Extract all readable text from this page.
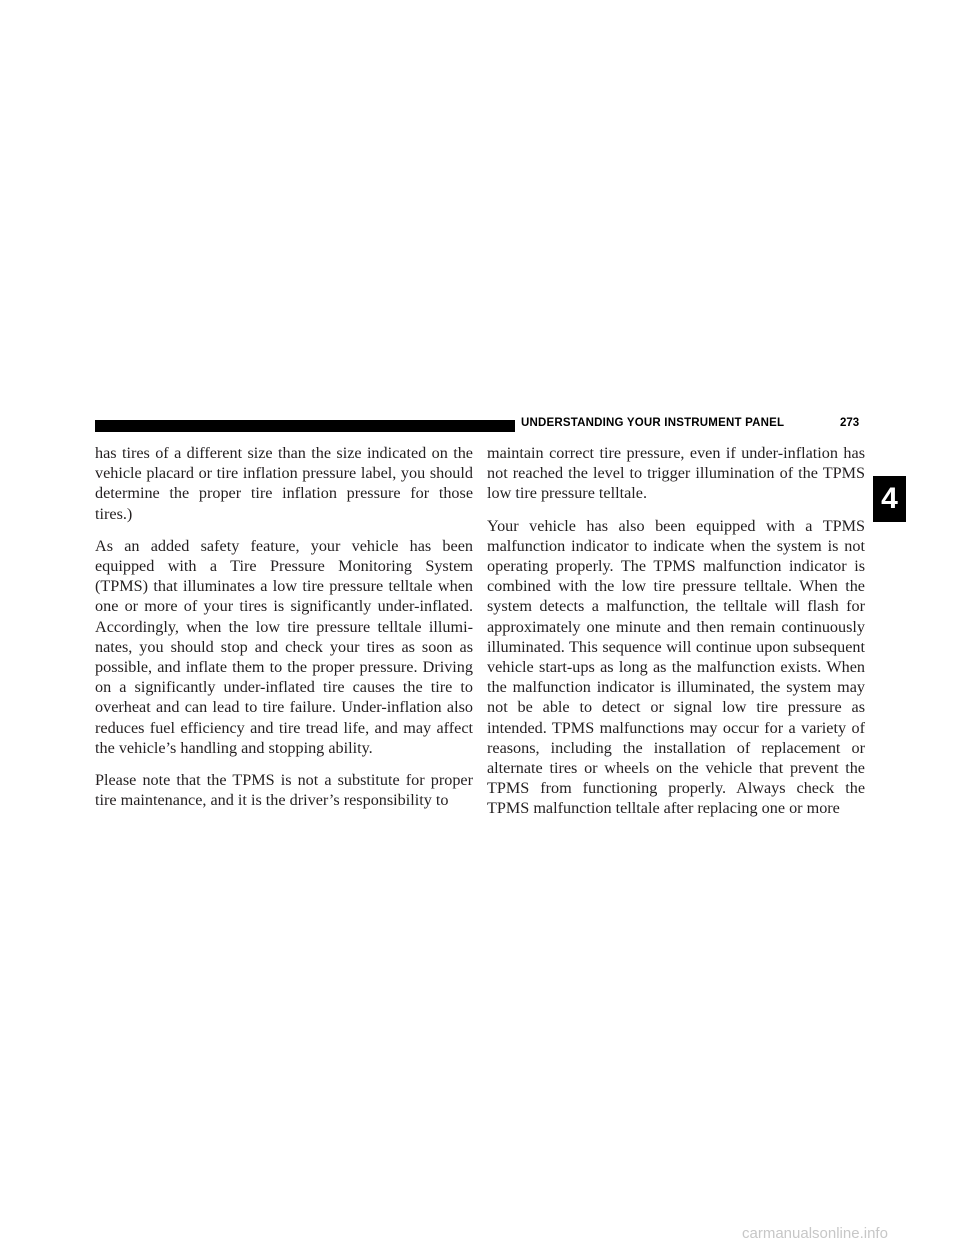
UNDERSTANDING YOUR INSTRUMENT PANEL	273

has tires of a different size than the size indicated on the vehicle placard or tire inflation pressure label, you should determine the proper tire inflation pressure for those tires.)

As an added safety feature, your vehicle has been equipped with a Tire Pressure Monitoring System (TPMS) that illuminates a low tire pressure telltale when one or more of your tires is significantly under-inflated. Accordingly, when the low tire pressure telltale illuminates, you should stop and check your tires as soon as possible, and inflate them to the proper pressure. Driving on a significantly under-inflated tire causes the tire to overheat and can lead to tire failure. Under-inflation also reduces fuel efficiency and tire tread life, and may affect the vehicle’s handling and stopping ability.

Please note that the TPMS is not a substitute for proper tire maintenance, and it is the driver’s responsibility to

maintain correct tire pressure, even if under-inflation has not reached the level to trigger illumination of the TPMS low tire pressure telltale.

Your vehicle has also been equipped with a TPMS malfunction indicator to indicate when the system is not operating properly. The TPMS malfunction indicator is combined with the low tire pressure telltale. When the system detects a malfunction, the telltale will flash for approximately one minute and then remain continuously illuminated. This sequence will continue upon subsequent vehicle start-ups as long as the malfunction exists. When the malfunction indicator is illuminated, the system may not be able to detect or signal low tire pressure as intended. TPMS malfunctions may occur for a variety of reasons, including the installation of replacement or alternate tires or wheels on the vehicle that prevent the TPMS from functioning properly. Always check the TPMS malfunction telltale after replacing one or more

4
carmanualsonline.info
